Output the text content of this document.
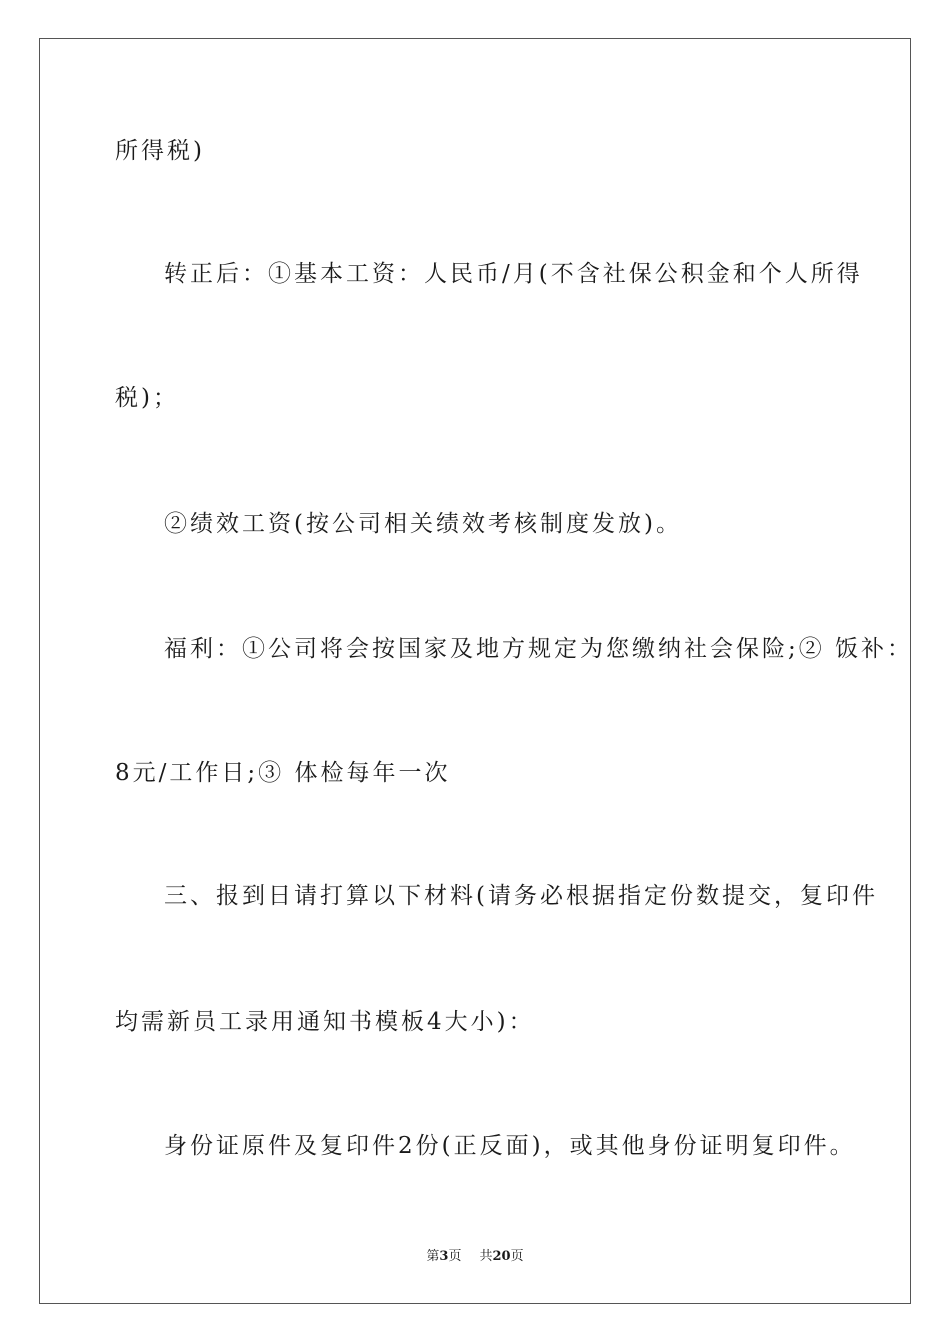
所得税)
转正后：①基本工资：人民币/月(不含社保公积金和个人所得
税)；
②绩效工资(按公司相关绩效考核制度发放)。
福利：①公司将会按国家及地方规定为您缴纳社会保险;② 饭补：
8元/工作日;③ 体检每年一次
三、报到日请打算以下材料(请务必根据指定份数提交，复印件
均需新员工录用通知书模板4大小)：
身份证原件及复印件2份(正反面)，或其他身份证明复印件。
第3页 共20页
